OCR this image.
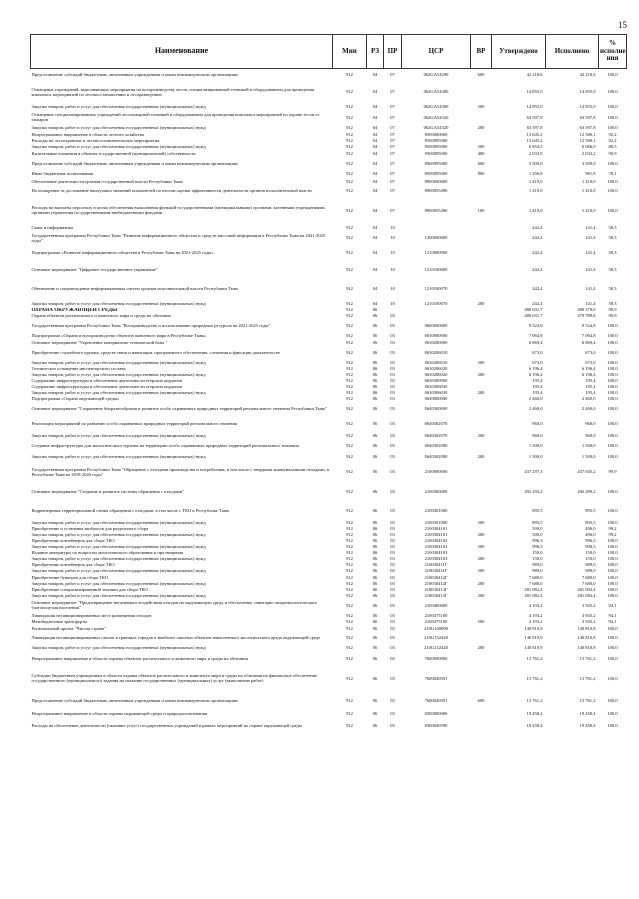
15
Наименование	Мин	РЗ	ПР	ЦСР	ВР	Утверждено	Исполнено	% исполне ния
Предоставление субсидий бюджетным, автономным учреждениям и иным некоммерческим организациям	912	04	07	062GA54290	600	42 218,6	42 218,6	100,0
Оснащение учреждений, выполняющих мероприятия по воспроизводству лесов, специализированной техникой и оборудованием для проведения комплекса мероприятий по лесовосстановлению и лесоразведению	912	04	07	062GA54300		14 855,0	14 855,0	100,0
Закупка товаров, работ и услуг для обеспечения государственных (муниципальных) нужд	912	04	07	062GA54300	200	14 855,0	14 855,0	100,0
Оснащение специализированных учреждений лесопожарной техникой и оборудованием для проведения комплекса мероприятий по охране лесов от пожаров	912	04	07	062GA54320		63 597,8	63 597,8	100,0
Закупка товаров, работ и услуг для обеспечения государственных (муниципальных) нужд	912	04	07	062GA54320	200	63 597,8	63 597,8	100,0
Непрограммное направление в области лесного хозяйства	912	04	07	8500000000		13 645,2	12 580,1	92,2
Расходы на лесоохранные и лесовосстановительные мероприятия	912	04	07	8500095000		13 645,2	12 580,1	92,2
Закупка товаров, работ и услуг для обеспечения государственных (муниципальных) нужд	912	04	07	8500095000	200	6 854,5	6 066,0	88,5
Капитальные вложения в объекты государственной (муниципальной) собственности	912	04	07	8500095000	400	2 033,9	2 032,2	99,9
Предоставление субсидий бюджетным, автономным учреждениям и иным некоммерческим организациям	912	04	07	8500095000	600	3 500,0	3 500,0	100,0
Иные бюджетные ассигнования	912	04	07	8500095000	800	1 256,8	981,9	78,1
Обеспечение деятельности органов государственной власти Республики Тыва	912	04	07	8900000000		1 410,0	1 410,0	100,0
На поощрение за достижение наилучших значений показателей по итогам оценки эффективности деятельности органов исполнительной власти	912	04	07	8900055490		1 410,0	1 410,0	100,0
Расходы на выплаты персоналу в целях обеспечения выполнения функций государственными (муниципальными) органами, казенными учреждениями, органами управления государственными внебюджетными фондами	912	04	07	8900055490	100	1 410,0	1 410,0	100,0
Связь и информатика	912	04	10			242,4	141,4	58,3
Государственная программа Республики Тыва "Развитие информационного общества и средств массовой информации в Республике Тыва на 2021-2025 годы"	912	04	10	1200000000		242,4	141,4	58,3
Подпрограмма «Развитие информационного общества в Республике Тыва на 2021-2025 годы»	912	04	10	1210000000		242,4	141,4	58,3
Основное мероприятие "Цифровое государственное управление"	912	04	10	1210100000		242,4	141,4	58,3
Обновление и сопровождение информационных систем органов исполнительной власти Республики Тыва	912	04	10	1210100070		242,4	141,4	58,3
Закупка товаров, работ и услуг для обеспечения государственных (муниципальных) нужд	912	04	10	1210100070	200	242,4	141,4	58,3
ОХРАНА ОКРУЖАЮЩЕЙ СРЕДЫ	912	06				480 631,7	480 379,6	99,9
Охрана объектов растительного и животного мира и среды их обитания	912	06	03			480 041,7	479 789,6	99,9
Государственная программа Республики Тыва "Воспроизводство и использование природных ресурсов на 2021-2025 годы"	912	06	03	0600000000		9 524,8	9 524,8	100,0
Подпрограмма «Охрана и воспроизводство объектов животного мира в Республике Тыва»	912	06	03	0630000000		7 064,8	7 064,8	100,0
Основное мероприятие "Укрепление материально-технической базы "	912	06	03	0630200000		6 869,4	6 869,4	100,0
Приобретение служебного оружия, средств связи и навигации, программного обеспечения, слежения и фиксации доказательств	912	06	03	0630206010		673,0	673,0	100,0
Закупка товаров, работ и услуг для обеспечения государственных (муниципальных) нужд	912	06	03	0630206010	200	673,0	673,0	100,0
Техническое оснащение инспекторского состава	912	06	03	0630206020		6 196,4	6 196,4	100,0
Закупка товаров, работ и услуг для обеспечения государственных (муниципальных) нужд	912	06	03	0630206020	200	6 196,4	6 196,4	100,0
Содержание инфраструктуры и обеспечение деятельности егерских кордонов	912	06	03	0630300000		195,4	195,4	100,0
Содержание инфраструктуры и обеспечение деятельности егерских кордонов	912	06	03	0630306030		195,4	195,4	100,0
Закупка товаров, работ и услуг для обеспечения государственных (муниципальных) нужд	912	06	03	0630306030	200	195,4	195,4	100,0
Подпрограмма «Охрана окружающей среды»	912	06	03	0640000000		2 460,0	2 460,0	100,0
Основное мероприятие "Сохранение биоразнообразия и развитие особо охраняемых природных территорий регионального значения Республики Тыва"	912	06	03	0640300000		2 460,0	2 460,0	100,0
Реализация мероприятий по развитию особо охраняемых природных территорий регионального значения	912	06	03	0640302070		960,0	960,0	100,0
Закупка товаров, работ и услуг для обеспечения государственных (муниципальных) нужд	912	06	03	0640302070	200	960,0	960,0	100,0
Создание инфраструктуры для экологического туризма на территории особо охраняемых природных территорий регионального значения	912	06	03	0640302080		1 500,0	1 500,0	100,0
Закупка товаров, работ и услуг для обеспечения государственных (муниципальных) нужд	912	06	03	0640302080	200	1 500,0	1 500,0	100,0
Государственная программа Республики Тыва "Обращение с отходами производства и потребления, в том числе с твердыми коммунальными отходами, в Республике Тыва на 2018-2026 годы"	912	06	03	2100000000		437 297,3	437 045,2	99,9
Основное мероприятие "Создание и развитие системы обращения с отходами"	912	06	03	2100300000		292 293,2	292 289,2	100,0
Корректировка территориальной схемы обращения с отходами, в том числе с ТКО в Республике Тыва	912	06	03	2100301000		895,5	895,5	100,0
Закупка товаров, работ и услуг для обеспечения государственных (муниципальных) нужд	912	06	03	2100301000	200	895,5	895,5	100,0
Приобретение и установка экобоксов для раздельного сбора	912	06	03	2100304101		500,0	496,0	99,2
Закупка товаров, работ и услуг для обеспечения государственных (муниципальных) нужд	912	06	03	2100304101	200	500,0	496,0	99,2
Приобретение контейнеров для сбора ТКО	912	06	03	2100304102		996,3	996,3	100,0
Закупка товаров, работ и услуг для обеспечения государственных (муниципальных) нужд	912	06	03	2100304102	200	996,3	996,3	100,0
Издание литературы по вопросам экологического образования и просвещения	912	06	03	2100304103		150,0	150,0	100,0
Закупка товаров, работ и услуг для обеспечения государственных (муниципальных) нужд	912	06	03	2100304103	200	150,0	150,0	100,0
Приобретение контейнеров для сбора ТКО	912	06	03	210030411Г		989,0	989,0	100,0
Закупка товаров, работ и услуг для обеспечения государственных (муниципальных) нужд	912	06	03	210030411Г	200	989,0	989,0	100,0
Приобретение бункеров для сбора ТКО	912	06	03	210030412Г		7 680,0	7 680,0	100,0
Закупка товаров, работ и услуг для обеспечения государственных (муниципальных) нужд	912	06	03	210030412Г	200	7 680,0	7 680,0	100,0
Приобретение специализированной техники для сбора ТКО	912	06	03	210030413Г		281 082,4	281 082,4	100,0
Закупка товаров, работ и услуг для обеспечения государственных (муниципальных) нужд	912	06	03	210030413Г	200	281 082,4	281 082,4	100,0
Основное мероприятие "Предотвращение негативного воздействия отходов на окружающую среду и обеспечение санитарно-эпидемиологического благополучия населения"	912	06	03	2100400000		4 193,2	3 945,2	94,1
Ликвидация несанкционированных мест размещения отходов	912	06	03	2100475100		4 193,2	3 945,2	94,1
Межбюджетные трансферты	912	06	03	2100475100	500	4 193,2	3 945,2	94,1
Региональный проект "Чистая страна"	912	06	03	210G100000		140 810,9	140 810,8	100,0
Ликвидация несанкционированных свалок в границах городов и наиболее опасных объектов накопленного экологического вреда окружающей среде	912	06	03	210G152420		140 810,9	140 810,8	100,0
Закупка товаров, работ и услуг для обеспечения государственных (муниципальных) нужд	912	06	03	210G152420	200	140 810,9	140 810,8	100,0
Непрограммное направление в области охраны объектов растительного и животного мира и среды их обитания	912	06	03	7600000000		13 761,2	13 761,2	100,0
Субсидии бюджетным учреждениям в области охраны объектов растительного и животного мира и среды их обитания на финансовое обеспечение государственного (муниципального) задания на оказание государственных (муниципальных) услуг (выполнение работ)	912	06	03	7600040591		13 761,2	13 761,2	100,0
Предоставление субсидий бюджетным, автономным учреждениям и иным некоммерческим организациям	912	06	03	7600040591	600	13 761,2	13 761,2	100,0
Непрограммное направление в области охраны окружающей среды и природопользования	912	06	03	8300000000		19 458,4	19 458,4	100,0
Расходы на обеспечение деятельности (оказание услуг) государственных учреждений в рамках мероприятий по охране окружающей среды	912	06	03	8300040590		19 458,4	19 458,4	100,0
